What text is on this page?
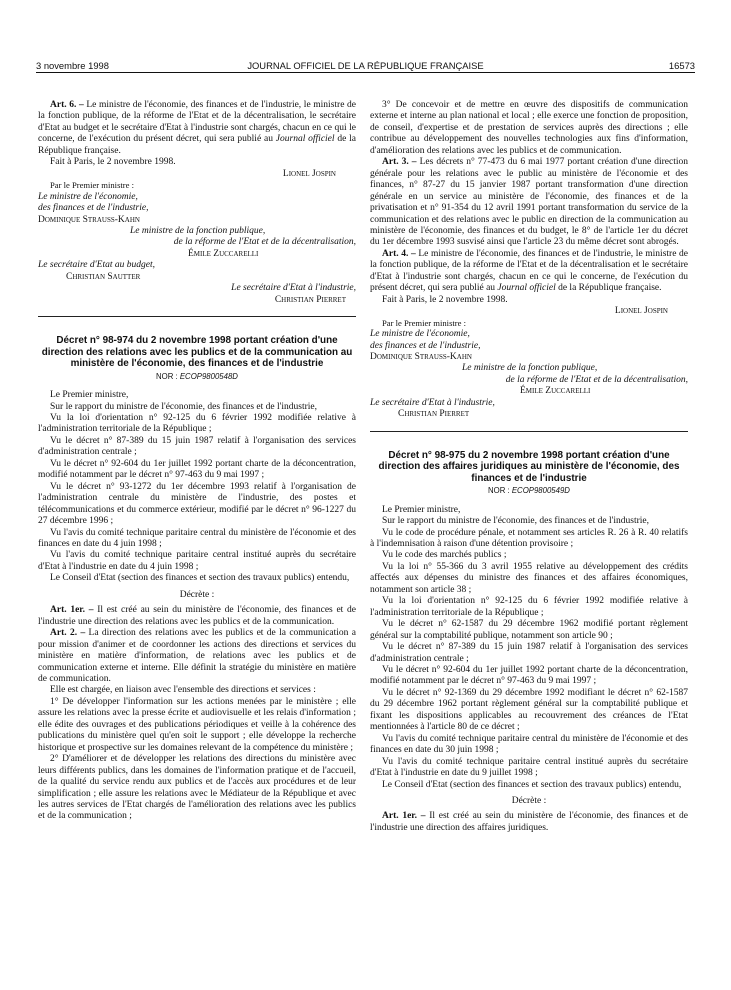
3 novembre 1998	JOURNAL OFFICIEL DE LA RÉPUBLIQUE FRANÇAISE	16573

Art. 6. – Le ministre de l'économie, des finances et de l'industrie, le ministre de la fonction publique, de la réforme de l'Etat et de la décentralisation, le secrétaire d'Etat au budget et le secrétaire d'Etat à l'industrie sont chargés, chacun en ce qui le concerne, de l'exécution du présent décret, qui sera publié au Journal officiel de la République française.

Fait à Paris, le 2 novembre 1998.

Lionel Jospin

Par le Premier ministre :

Le ministre de l'économie,

des finances et de l'industrie,

Dominique Strauss-Kahn

Le ministre de la fonction publique,

de la réforme de l'Etat et de la décentralisation,

Émile Zuccarelli

Le secrétaire d'Etat au budget,

Christian Sautter

Le secrétaire d'Etat à l'industrie,

Christian Pierret

Décret n° 98-974 du 2 novembre 1998 portant création d'une direction des relations avec les publics et de la communication au ministère de l'économie, des finances et de l'industrie
NOR : ECOP9800548D

Le Premier ministre,

Sur le rapport du ministre de l'économie, des finances et de l'industrie,

Vu la loi d'orientation n° 92-125 du 6 février 1992 modifiée relative à l'administration territoriale de la République ;

Vu le décret n° 87-389 du 15 juin 1987 relatif à l'organisation des services d'administration centrale ;

Vu le décret n° 92-604 du 1er juillet 1992 portant charte de la déconcentration, modifié notamment par le décret n° 97-463 du 9 mai 1997 ;

Vu le décret n° 93-1272 du 1er décembre 1993 relatif à l'organisation de l'administration centrale du ministère de l'industrie, des postes et télécommunications et du commerce extérieur, modifié par le décret n° 96-1227 du 27 décembre 1996 ;

Vu l'avis du comité technique paritaire central du ministère de l'économie et des finances en date du 4 juin 1998 ;

Vu l'avis du comité technique paritaire central institué auprès du secrétaire d'Etat à l'industrie en date du 4 juin 1998 ;

Le Conseil d'Etat (section des finances et section des travaux publics) entendu,

Décrète :

Art. 1er. – Il est créé au sein du ministère de l'économie, des finances et de l'industrie une direction des relations avec les publics et de la communication.

Art. 2. – La direction des relations avec les publics et de la communication a pour mission d'animer et de coordonner les actions des directions et services du ministère en matière d'information, de relations avec les publics et de communication externe et interne. Elle définit la stratégie du ministère en matière de communication.

Elle est chargée, en liaison avec l'ensemble des directions et services :

1° De développer l'information sur les actions menées par le ministère ; elle assure les relations avec la presse écrite et audiovisuelle et les relais d'information ; elle édite des ouvrages et des publications périodiques et veille à la cohérence des publications du ministère quel qu'en soit le support ; elle développe la recherche historique et prospective sur les domaines relevant de la compétence du ministère ;

2° D'améliorer et de développer les relations des directions du ministère avec leurs différents publics, dans les domaines de l'information pratique et de l'accueil, de la qualité du service rendu aux publics et de l'accès aux procédures et de leur simplification ; elle assure les relations avec le Médiateur de la République et avec les autres services de l'Etat chargés de l'amélioration des relations avec les publics et de la communication ;

3° De concevoir et de mettre en œuvre des dispositifs de communication externe et interne au plan national et local ; elle exerce une fonction de proposition, de conseil, d'expertise et de prestation de services auprès des directions ; elle contribue au développement des nouvelles technologies aux fins d'information, d'amélioration des relations avec les publics et de communication.

Art. 3. – Les décrets n° 77-473 du 6 mai 1977 portant création d'une direction générale pour les relations avec le public au ministère de l'économie et des finances, n° 87-27 du 15 janvier 1987 portant transformation d'une direction générale en un service au ministère de l'économie, des finances et de la privatisation et n° 91-354 du 12 avril 1991 portant transformation du service de la communication et des relations avec le public en direction de la communication au ministère de l'économie, des finances et du budget, le 8° de l'article 1er du décret du 1er décembre 1993 susvisé ainsi que l'article 23 du même décret sont abrogés.

Art. 4. – Le ministre de l'économie, des finances et de l'industrie, le ministre de la fonction publique, de la réforme de l'Etat et de la décentralisation et le secrétaire d'Etat à l'industrie sont chargés, chacun en ce qui le concerne, de l'exécution du présent décret, qui sera publié au Journal officiel de la République française.

Fait à Paris, le 2 novembre 1998.

Lionel Jospin

Par le Premier ministre :

Le ministre de l'économie,

des finances et de l'industrie,

Dominique Strauss-Kahn

Le ministre de la fonction publique,

de la réforme de l'Etat et de la décentralisation,

Émile Zuccarelli

Le secrétaire d'Etat à l'industrie,

Christian Pierret

Décret n° 98-975 du 2 novembre 1998 portant création d'une direction des affaires juridiques au ministère de l'économie, des finances et de l'industrie
NOR : ECOP9800549D

Le Premier ministre,

Sur le rapport du ministre de l'économie, des finances et de l'industrie,

Vu le code de procédure pénale, et notamment ses articles R. 26 à R. 40 relatifs à l'indemnisation à raison d'une détention provisoire ;

Vu le code des marchés publics ;

Vu la loi n° 55-366 du 3 avril 1955 relative au développement des crédits affectés aux dépenses du ministre des finances et des affaires économiques, notamment son article 38 ;

Vu la loi d'orientation n° 92-125 du 6 février 1992 modifiée relative à l'administration territoriale de la République ;

Vu le décret n° 62-1587 du 29 décembre 1962 modifié portant règlement général sur la comptabilité publique, notamment son article 90 ;

Vu le décret n° 87-389 du 15 juin 1987 relatif à l'organisation des services d'administration centrale ;

Vu le décret n° 92-604 du 1er juillet 1992 portant charte de la déconcentration, modifié notamment par le décret n° 97-463 du 9 mai 1997 ;

Vu le décret n° 92-1369 du 29 décembre 1992 modifiant le décret n° 62-1587 du 29 décembre 1962 portant règlement général sur la comptabilité publique et fixant les dispositions applicables au recouvrement des créances de l'Etat mentionnées à l'article 80 de ce décret ;

Vu l'avis du comité technique paritaire central du ministère de l'économie et des finances en date du 30 juin 1998 ;

Vu l'avis du comité technique paritaire central institué auprès du secrétaire d'Etat à l'industrie en date du 9 juillet 1998 ;

Le Conseil d'Etat (section des finances et section des travaux publics) entendu,

Décrète :

Art. 1er. – Il est créé au sein du ministère de l'économie, des finances et de l'industrie une direction des affaires juridiques.
